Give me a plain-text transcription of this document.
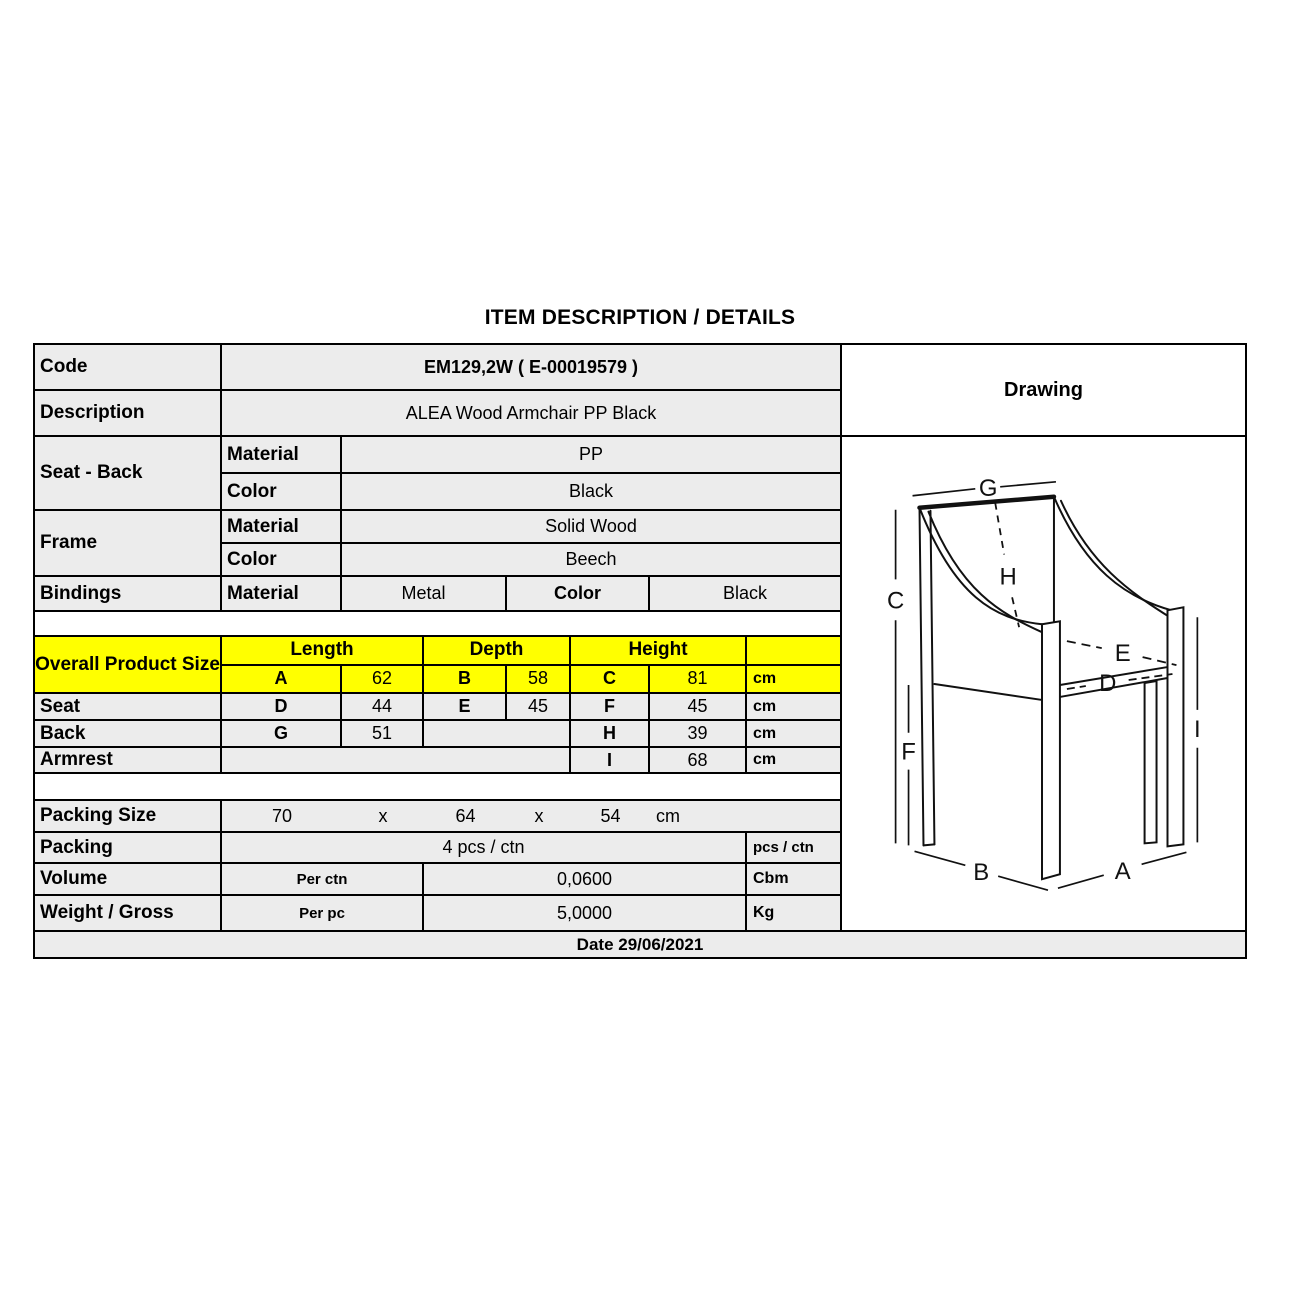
ITEM DESCRIPTION / DETAILS
Code	EM129,2W ( E-00019579 )
Description	ALEA Wood Armchair PP Black
Seat - Back
Material	PP
Color	Black
Frame
Material	Solid Wood
Color	Beech
Bindings	Material	Metal	Color	Black
Overall Product Size
Length	Depth	Height
A	62	B	58	C	81	cm
Seat	D	44	E	45	F	45	cm
Back	G	51	H	39	cm
Armrest	I	68	cm
Packing Size	70	x	64	x	54	cm
Packing	4 pcs / ctn	pcs / ctn
Volume	Per ctn	0,0600	Cbm
Weight / Gross	Per pc	5,0000	Kg
Drawing
G
C
F
H
E
D
I
B	A
Date 29/06/2021
